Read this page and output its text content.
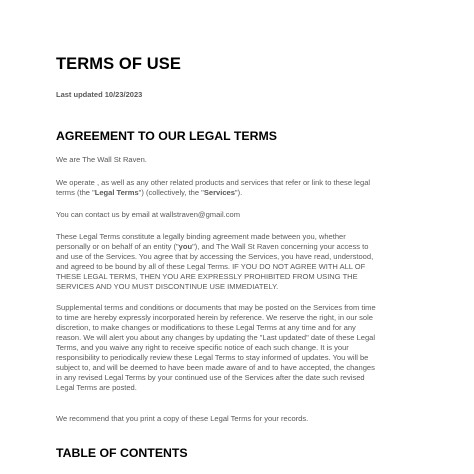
TERMS OF USE

Last updated 10/23/2023

AGREEMENT TO OUR LEGAL TERMS

We are The Wall St Raven.

We operate , as well as any other related products and services that refer or link to these legal
terms (the "Legal Terms") (collectively, the "Services").

You can contact us by email at wallstraven@gmail.com

These Legal Terms constitute a legally binding agreement made between you, whether
personally or on behalf of an entity ("you"), and The Wall St Raven concerning your access to
and use of the Services. You agree that by accessing the Services, you have read, understood,
and agreed to be bound by all of these Legal Terms. IF YOU DO NOT AGREE WITH ALL OF
THESE LEGAL TERMS, THEN YOU ARE EXPRESSLY PROHIBITED FROM USING THE
SERVICES AND YOU MUST DISCONTINUE USE IMMEDIATELY.

Supplemental terms and conditions or documents that may be posted on the Services from time
to time are hereby expressly incorporated herein by reference. We reserve the right, in our sole
discretion, to make changes or modifications to these Legal Terms at any time and for any
reason. We will alert you about any changes by updating the "Last updated" date of these Legal
Terms, and you waive any right to receive specific notice of each such change. It is your
responsibility to periodically review these Legal Terms to stay informed of updates. You will be
subject to, and will be deemed to have been made aware of and to have accepted, the changes
in any revised Legal Terms by your continued use of the Services after the date such revised
Legal Terms are posted.

We recommend that you print a copy of these Legal Terms for your records.

TABLE OF CONTENTS
